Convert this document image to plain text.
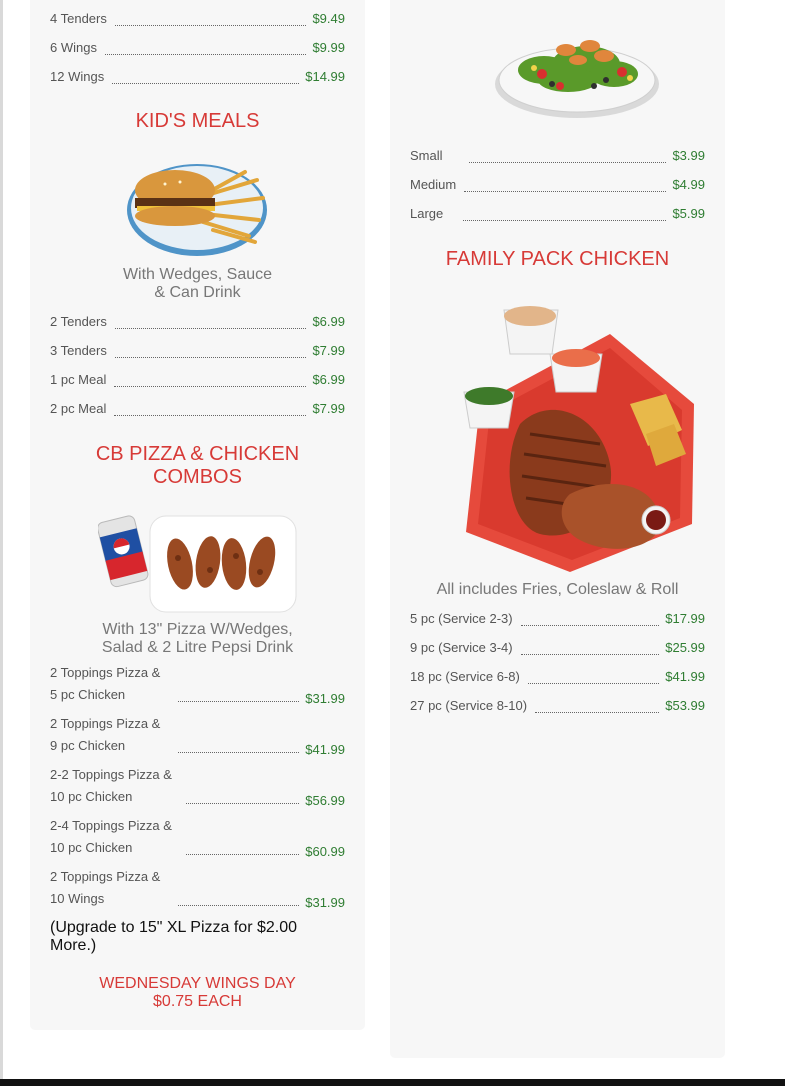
4 Tenders	$9.49
6 Wings	$9.99
12 Wings	$14.99
KID'S MEALS
With Wedges, Sauce
& Can Drink
2 Tenders	$6.99
3 Tenders	$7.99
1 pc Meal	$6.99
2 pc Meal	$7.99
CB PIZZA & CHICKEN
COMBOS
With 13" Pizza W/Wedges,
Salad & 2 Litre Pepsi Drink
2 Toppings Pizza &
5 pc Chicken	$31.99
2 Toppings Pizza &
9 pc Chicken	$41.99
2-2 Toppings Pizza &
10 pc Chicken	$56.99
2-4 Toppings Pizza &
10 pc Chicken	$60.99
2 Toppings Pizza &
10 Wings	$31.99
(Upgrade to 15" XL Pizza for $2.00 More.)
WEDNESDAY WINGS DAY
$0.75 EACH
Small	$3.99
Medium	$4.99
Large	$5.99
FAMILY PACK CHICKEN
All includes Fries, Coleslaw & Roll
5 pc (Service 2-3)	$17.99
9 pc (Service 3-4)	$25.99
18 pc (Service 6-8)	$41.99
27 pc (Service 8-10)	$53.99
